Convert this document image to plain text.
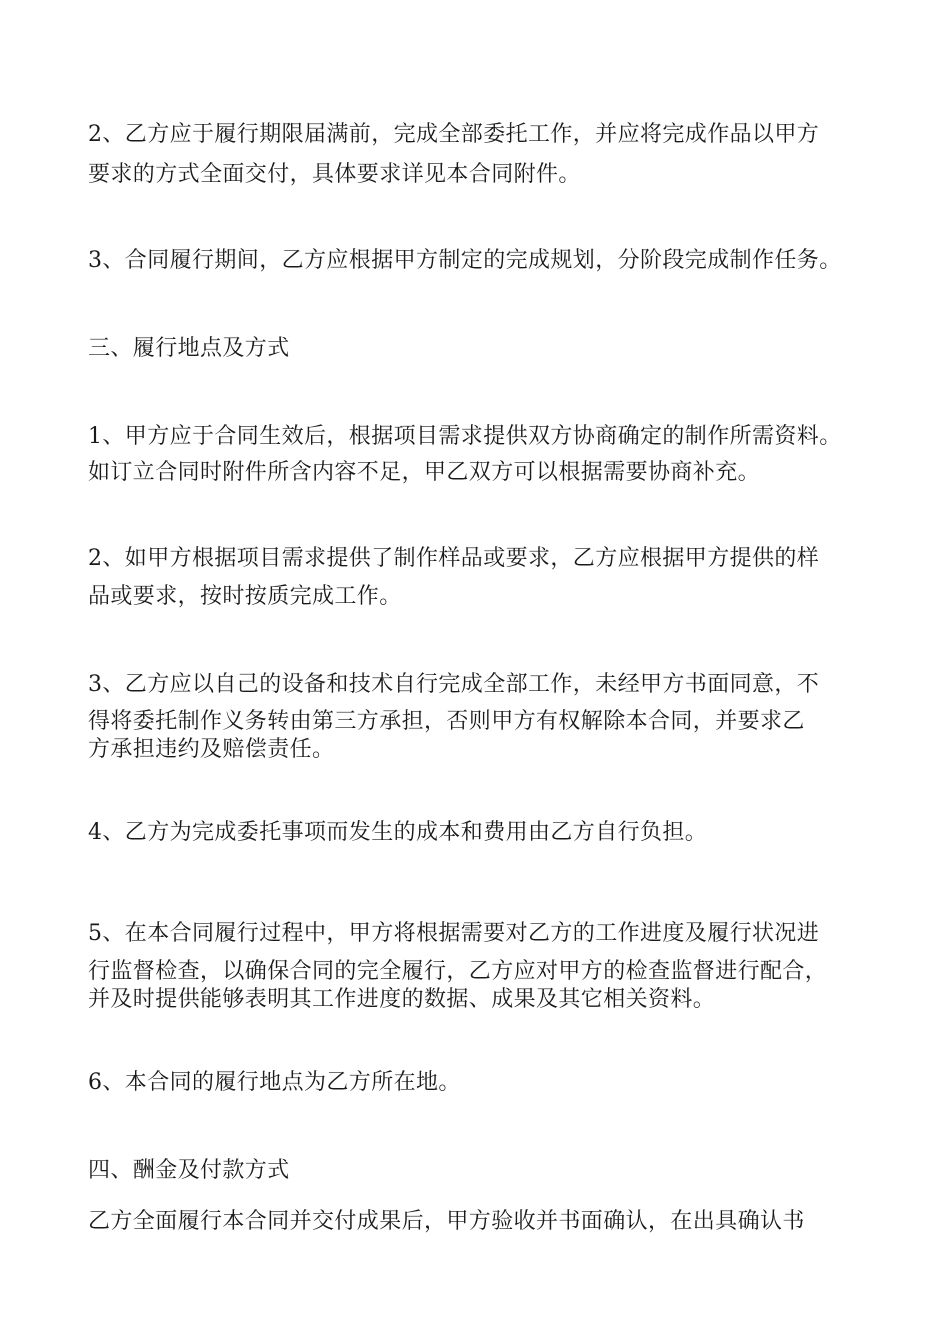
2、乙方应于履行期限届满前，完成全部委托工作，并应将完成作品以甲方

要求的方式全面交付，具体要求详见本合同附件。

3、合同履行期间，乙方应根据甲方制定的完成规划，分阶段完成制作任务。

三、履行地点及方式

1、甲方应于合同生效后，根据项目需求提供双方协商确定的制作所需资料。

如订立合同时附件所含内容不足，甲乙双方可以根据需要协商补充。

2、如甲方根据项目需求提供了制作样品或要求，乙方应根据甲方提供的样

品或要求，按时按质完成工作。

3、乙方应以自己的设备和技术自行完成全部工作，未经甲方书面同意，不

得将委托制作义务转由第三方承担，否则甲方有权解除本合同，并要求乙

方承担违约及赔偿责任。

4、乙方为完成委托事项而发生的成本和费用由乙方自行负担。

5、在本合同履行过程中，甲方将根据需要对乙方的工作进度及履行状况进

行监督检查，以确保合同的完全履行，乙方应对甲方的检查监督进行配合，

并及时提供能够表明其工作进度的数据、成果及其它相关资料。

6、本合同的履行地点为乙方所在地。

四、酬金及付款方式

乙方全面履行本合同并交付成果后，甲方验收并书面确认，在出具确认书
